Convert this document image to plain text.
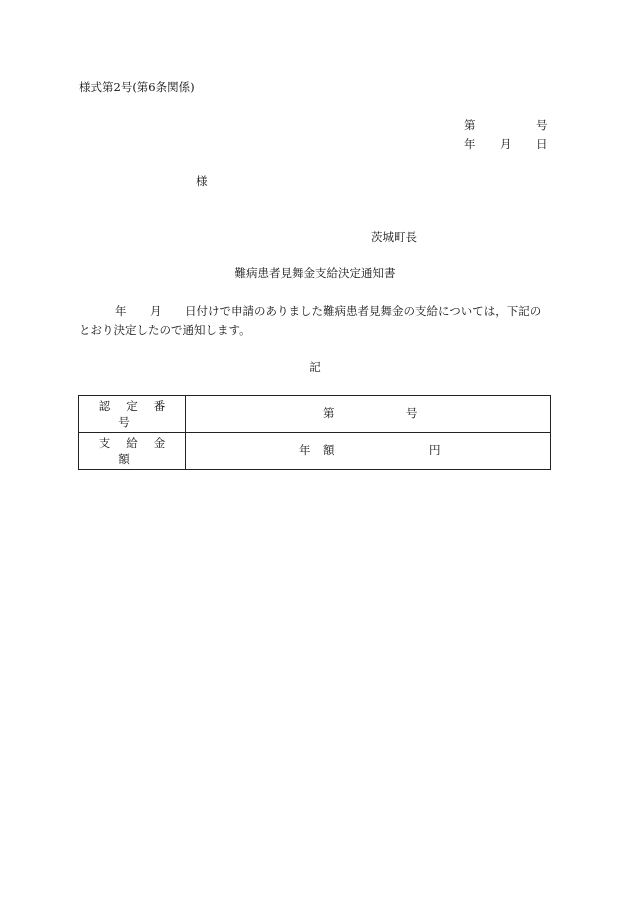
様式第2号(第6条関係)
第	号
年 月 日
様
茨城町長
難病患者見舞金支給決定通知書
年 月 日付けで申請のありました難病患者見舞金の支給については，下記の
とおり決定したので通知します。
記
認定番号	第 号

支給金額	年 額 円
